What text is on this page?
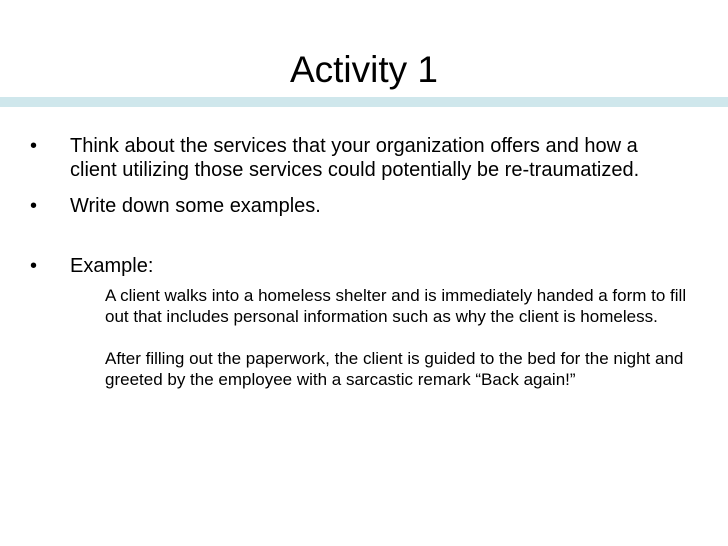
Activity 1
• Think about the services that your organization offers and how a client utilizing those services could potentially be re-traumatized.
• Write down some examples.
• Example:
A client walks into a homeless shelter and is immediately handed a form to fill out that includes personal information such as why the client is homeless.
After filling out the paperwork, the client is guided to the bed for the night and greeted by the employee with a sarcastic remark “Back again!”
